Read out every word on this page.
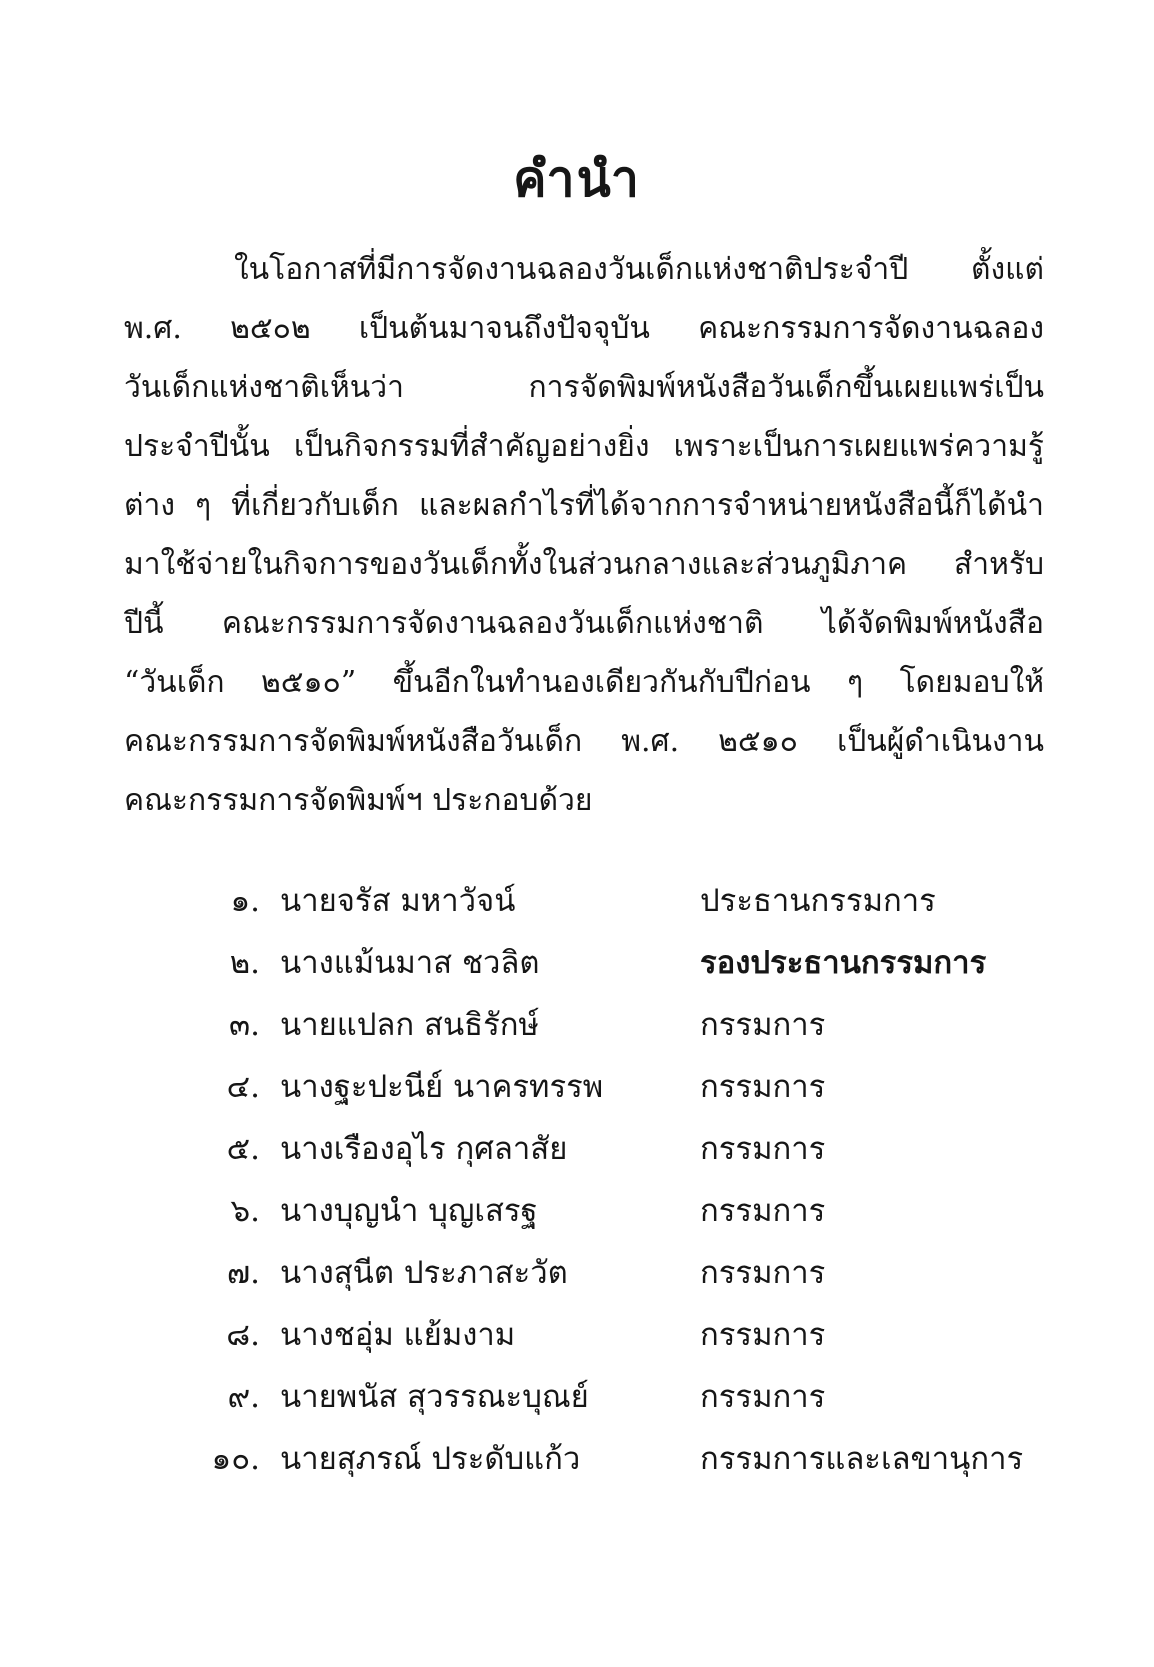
คำนำ
ในโอกาสที่มีการจัดงานฉลองวันเด็กแห่งชาติประจำปี ตั้งแต่
พ.ศ. ๒๕๐๒ เป็นต้นมาจนถึงปัจจุบัน คณะกรรมการจัดงานฉลอง
วันเด็กแห่งชาติเห็นว่า การจัดพิมพ์หนังสือวันเด็กขึ้นเผยแพร่เป็น
ประจำปีนั้น เป็นกิจกรรมที่สำคัญอย่างยิ่ง เพราะเป็นการเผยแพร่ความรู้
ต่าง ๆ ที่เกี่ยวกับเด็ก และผลกำไรที่ได้จากการจำหน่ายหนังสือนี้ก็ได้นำ
มาใช้จ่ายในกิจการของวันเด็กทั้งในส่วนกลางและส่วนภูมิภาค สำหรับ
ปีนี้ คณะกรรมการจัดงานฉลองวันเด็กแห่งชาติ ได้จัดพิมพ์หนังสือ
“วันเด็ก ๒๕๑๐” ขึ้นอีกในทำนองเดียวกันกับปีก่อน ๆ โดยมอบให้
คณะกรรมการจัดพิมพ์หนังสือวันเด็ก พ.ศ. ๒๕๑๐ เป็นผู้ดำเนินงาน
คณะกรรมการจัดพิมพ์ฯ ประกอบด้วย
๑. นายจรัส มหาวัจน์	ประธานกรรมการ
๒. นางแม้นมาส ชวลิต	รองประธานกรรมการ
๓. นายแปลก สนธิรักษ์	กรรมการ
๔. นางฐะปะนีย์ นาครทรรพ	กรรมการ
๕. นางเรืองอุไร กุศลาสัย	กรรมการ
๖. นางบุญนำ บุญเสรฐ	กรรมการ
๗. นางสุนีต ประภาสะวัต	กรรมการ
๘. นางชอุ่ม แย้มงาม	กรรมการ
๙. นายพนัส สุวรรณะบุณย์	กรรมการ
๑๐. นายสุภรณ์ ประดับแก้ว	กรรมการและเลขานุการ
